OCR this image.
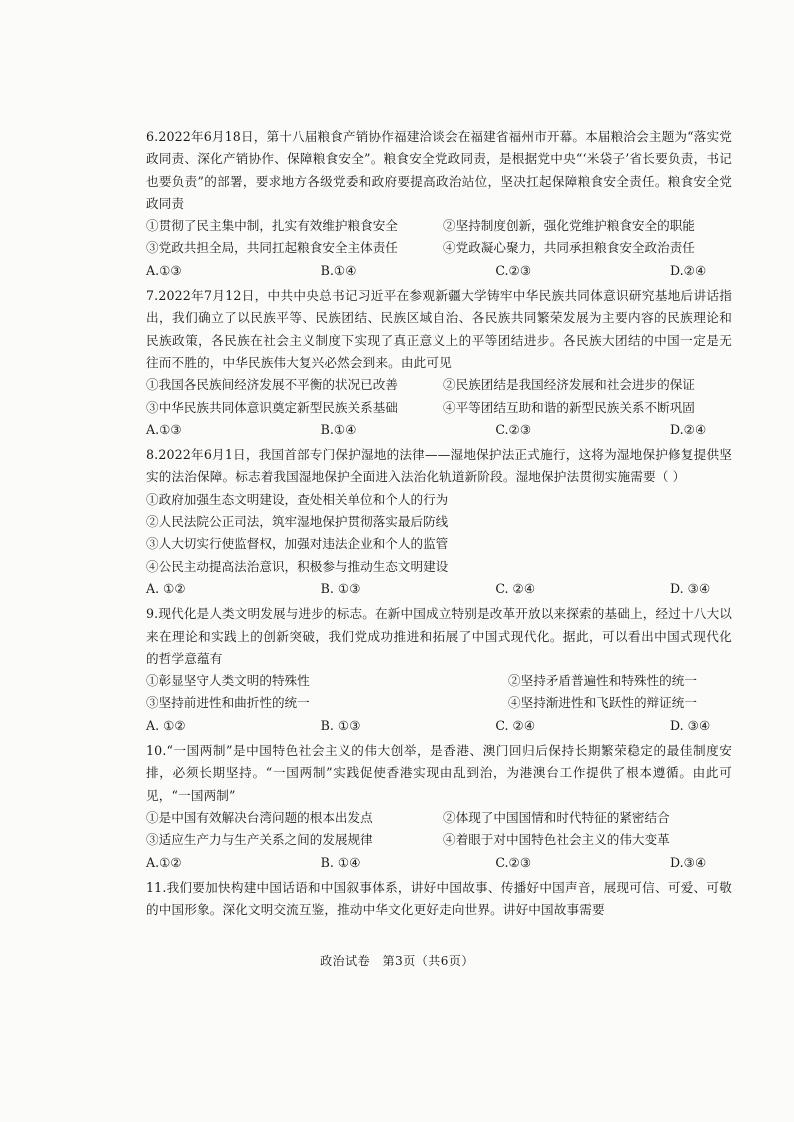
6.2022年6月18日，第十八届粮食产销协作福建洽谈会在福建省福州市开幕。本届粮洽会主题为“落实党政同责、深化产销协作、保障粮食安全”。粮食安全党政同责，是根据党中央“‘米袋子’省长要负责，书记也要负责”的部署，要求地方各级党委和政府要提高政治站位，坚决扛起保障粮食安全责任。粮食安全党政同责

①贯彻了民主集中制，扎实有效维护粮食安全	②坚持制度创新，强化党维护粮食安全的职能
③党政共担全局，共同扛起粮食安全主体责任	④党政凝心聚力，共同承担粮食安全政治责任
A.①③	B.①④	C.②③	D.②④

7.2022年7月12日，中共中央总书记习近平在参观新疆大学铸牢中华民族共同体意识研究基地后讲话指出，我们确立了以民族平等、民族团结、民族区域自治、各民族共同繁荣发展为主要内容的民族理论和民族政策，各民族在社会主义制度下实现了真正意义上的平等团结进步。各民族大团结的中国一定是无往而不胜的，中华民族伟大复兴必然会到来。由此可见

①我国各民族间经济发展不平衡的状况已改善	②民族团结是我国经济发展和社会进步的保证
③中华民族共同体意识奠定新型民族关系基础	④平等团结互助和谐的新型民族关系不断巩固
A.①③	B.①④	C.②③	D.②④

8.2022年6月1日，我国首部专门保护湿地的法律——湿地保护法正式施行，这将为湿地保护修复提供坚实的法治保障。标志着我国湿地保护全面进入法治化轨道新阶段。湿地保护法贯彻实施需要（ ）

①政府加强生态文明建设，查处相关单位和个人的行为
②人民法院公正司法，筑牢湿地保护贯彻落实最后防线
③人大切实行使监督权，加强对违法企业和个人的监管
④公民主动提高法治意识，积极参与推动生态文明建设
A. ①②	B. ①③	C. ②④	D. ③④

9.现代化是人类文明发展与进步的标志。在新中国成立特别是改革开放以来探索的基础上，经过十八大以来在理论和实践上的创新突破，我们党成功推进和拓展了中国式现代化。据此，可以看出中国式现代化的哲学意蕴有

①彰显坚守人类文明的特殊性	②坚持矛盾普遍性和特殊性的统一
③坚持前进性和曲折性的统一	④坚持渐进性和飞跃性的辩证统一
A. ①②	B. ①③	C. ②④	D. ③④

10.“一国两制”是中国特色社会主义的伟大创举，是香港、澳门回归后保持长期繁荣稳定的最佳制度安排，必须长期坚持。“一国两制”实践促使香港实现由乱到治，为港澳台工作提供了根本遵循。由此可见，“一国两制”

①是中国有效解决台湾问题的根本出发点	②体现了中国国情和时代特征的紧密结合
③适应生产力与生产关系之间的发展规律	④着眼于对中国特色社会主义的伟大变革
A.①②	B. ①④	C.②③	D.③④

11.我们要加快构建中国话语和中国叙事体系，讲好中国故事、传播好中国声音，展现可信、可爱、可敬的中国形象。深化文明交流互鉴，推动中华文化更好走向世界。讲好中国故事需要

政治试卷　第3页（共6页）
